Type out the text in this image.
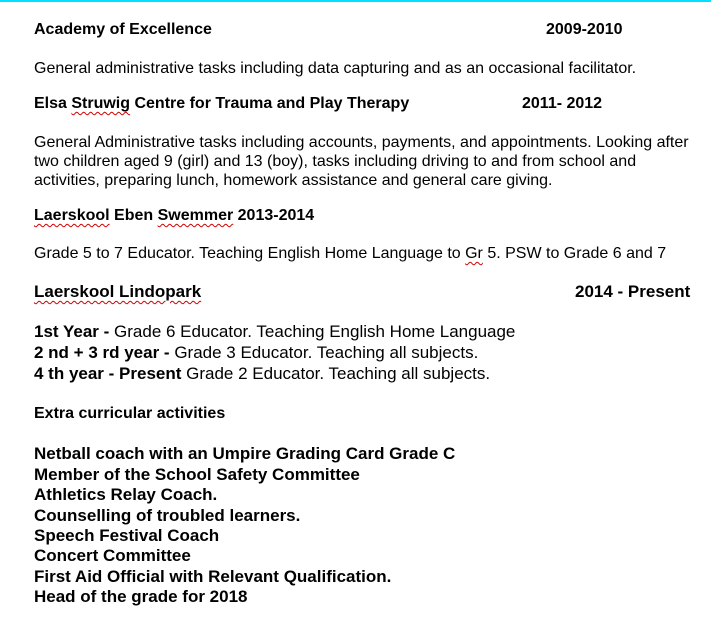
Academy of Excellence	2009-2010
General administrative tasks including data capturing and as an occasional facilitator.
Elsa Struwig Centre for Trauma and Play Therapy	2011- 2012
General Administrative tasks including accounts, payments, and appointments. Looking after
two children aged 9 (girl) and 13 (boy), tasks including driving to and from school and
activities, preparing lunch, homework assistance and general care giving.
Laerskool Eben Swemmer 2013-2014
Grade 5 to 7 Educator. Teaching English Home Language to Gr 5. PSW to Grade 6 and 7
Laerskool Lindopark	2014 - Present
1st Year - Grade 6 Educator. Teaching English Home Language
2 nd + 3 rd year - Grade 3 Educator. Teaching all subjects.
4 th year - Present Grade 2 Educator. Teaching all subjects.
Extra curricular activities
Netball coach with an Umpire Grading Card Grade C
Member of the School Safety Committee
Athletics Relay Coach.
Counselling of troubled learners.
Speech Festival Coach
Concert Committee
First Aid Official with Relevant Qualification.
Head of the grade for 2018
